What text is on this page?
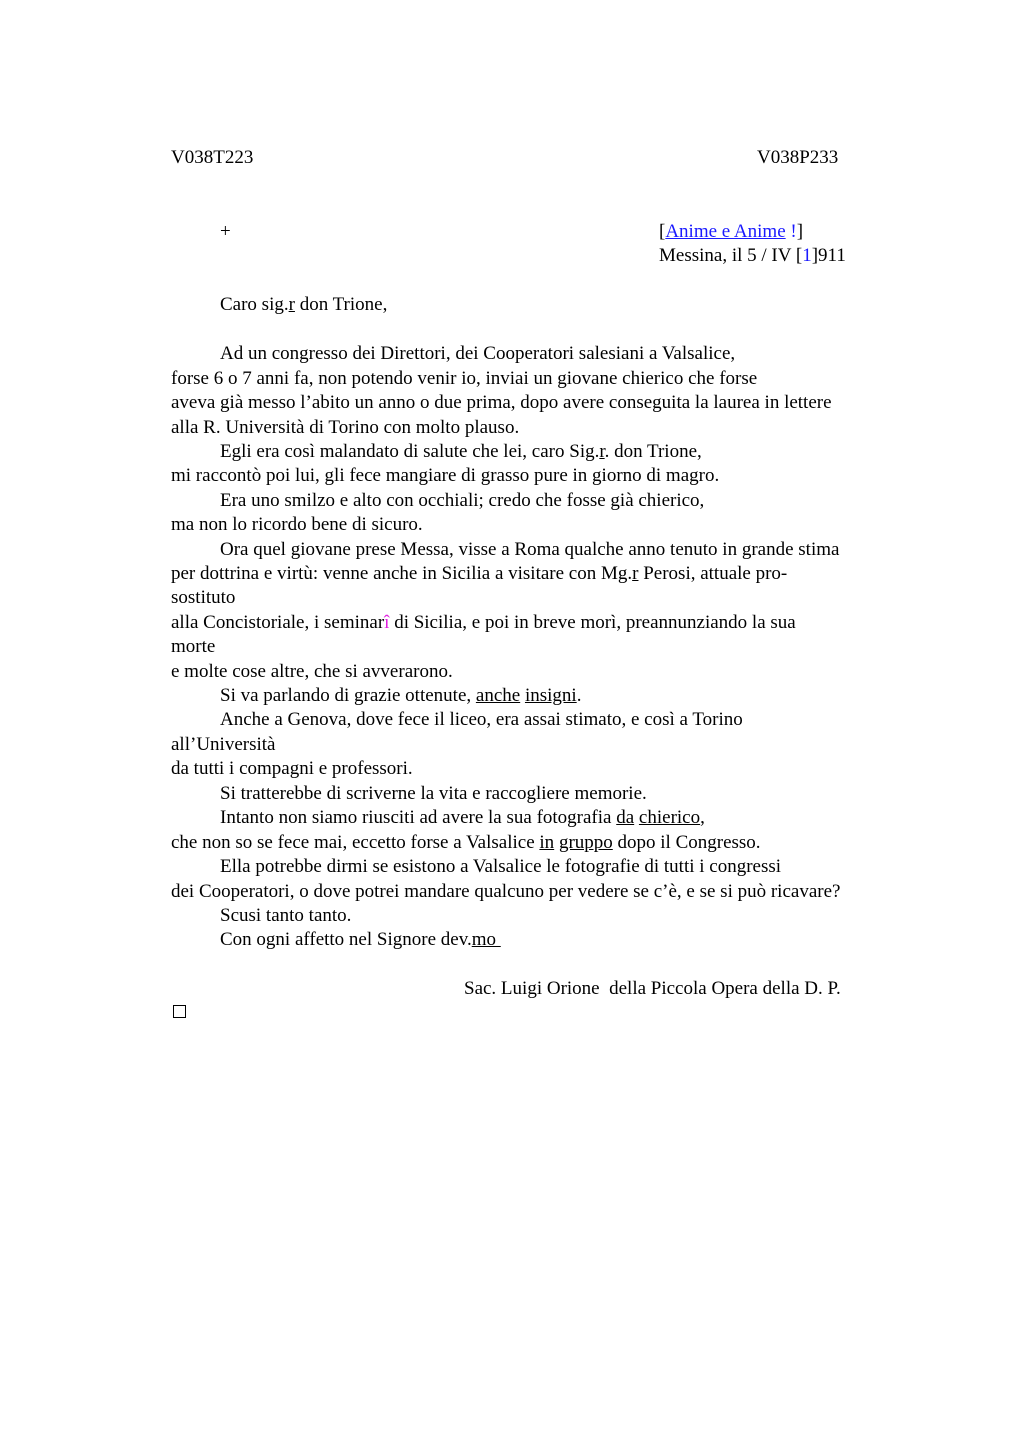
V038T223	V038P233
+	[Anime e Anime !]
Messina, il 5 / IV [1]911
Caro sig.r don Trione,
Ad un congresso dei Direttori, dei Cooperatori salesiani a Valsalice,
forse 6 o 7 anni fa, non potendo venir io, inviai un giovane chierico che forse
aveva già messo l’abito un anno o due prima, dopo avere conseguita la laurea in lettere
alla R. Università di Torino con molto plauso.
Egli era così malandato di salute che lei, caro Sig.r. don Trione,
mi raccontò poi lui, gli fece mangiare di grasso pure in giorno di magro.
Era uno smilzo e alto con occhiali; credo che fosse già chierico,
ma non lo ricordo bene di sicuro.
Ora quel giovane prese Messa, visse a Roma qualche anno tenuto in grande stima
per dottrina e virtù: venne anche in Sicilia a visitare con Mg.r Perosi, attuale pro-
sostituto
alla Concistoriale, i seminarî di Sicilia, e poi in breve morì, preannunziando la sua
morte
e molte cose altre, che si avverarono.
Si va parlando di grazie ottenute, anche insigni.
Anche a Genova, dove fece il liceo, era assai stimato, e così a Torino
all’Università
da tutti i compagni e professori.
Si tratterebbe di scriverne la vita e raccogliere memorie.
Intanto non siamo riusciti ad avere la sua fotografia da chierico,
che non so se fece mai, eccetto forse a Valsalice in gruppo dopo il Congresso.
Ella potrebbe dirmi se esistono a Valsalice le fotografie di tutti i congressi
dei Cooperatori, o dove potrei mandare qualcuno per vedere se c’è, e se si può ricavare?
Scusi tanto tanto.
Con ogni affetto nel Signore dev.mo
Sac. Luigi Orione  della Piccola Opera della D. P.
